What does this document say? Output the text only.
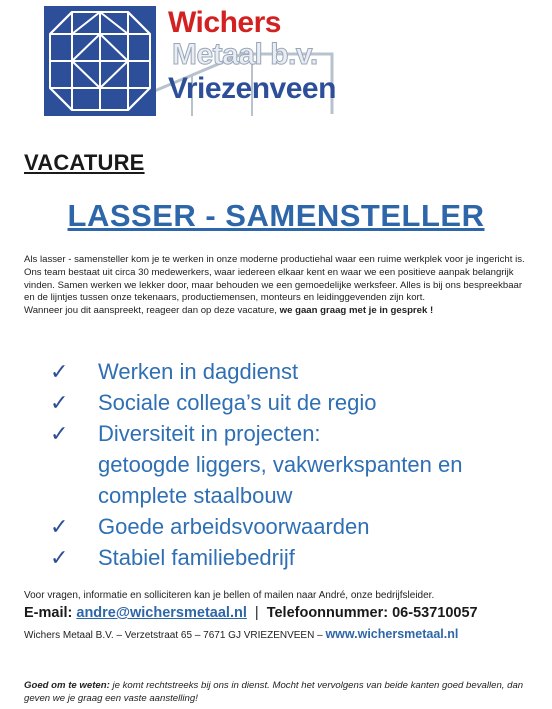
Wichers
Metaal b.v.
Vriezenveen
VACATURE
LASSER - SAMENSTELLER

Als lasser - samensteller kom je te werken in onze moderne productiehal waar een ruime werkplek voor je ingericht is. Ons team bestaat uit circa 30 medewerkers, waar iedereen elkaar kent en waar we een positieve aanpak belangrijk vinden. Samen werken we lekker door, maar behouden we een gemoedelijke werksfeer. Alles is bij ons bespreekbaar en de lijntjes tussen onze tekenaars, productiemensen, monteurs en leidinggevenden zijn kort.

Wanneer jou dit aanspreekt, reageer dan op deze vacature, we gaan graag met je in gesprek !

✓	Werken in dagdienst
✓	Sociale collega’s uit de regio
✓	Diversiteit in projecten:
getoogde liggers, vakwerkspanten en
complete staalbouw
✓	Goede arbeidsvoorwaarden
✓	Stabiel familiebedrijf
Voor vragen, informatie en solliciteren kan je bellen of mailen naar André, onze bedrijfsleider.
E-mail: andre@wichersmetaal.nl | Telefoonnummer: 06-53710057
Wichers Metaal B.V. – Verzetstraat 65 – 7671 GJ VRIEZENVEEN – www.wichersmetaal.nl
Goed om te weten: je komt rechtstreeks bij ons in dienst. Mocht het vervolgens van beide kanten goed bevallen, dan geven we je graag een vaste aanstelling!
